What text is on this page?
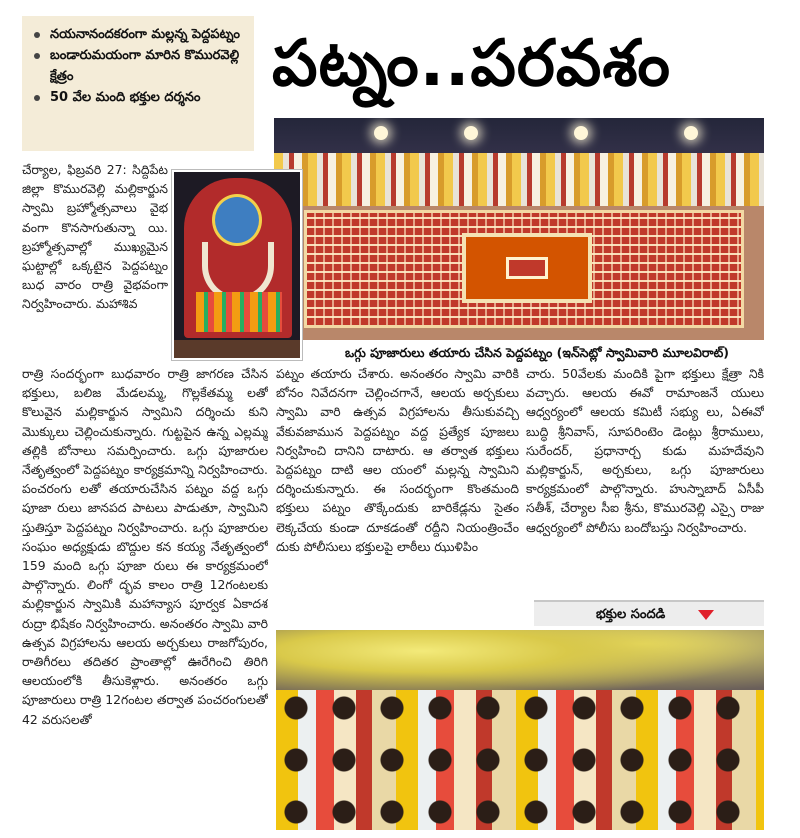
నయనానందకరంగా మల్లన్న పెద్దపట్నం
బండారుమయంగా మారిన కొమురవెల్లి క్షేత్రం
50 వేల మంది భక్తుల దర్శనం	పట్నం..పరవశం
ఒగ్గు పూజారులు తయారు చేసిన పెద్దపట్నం (ఇన్‌సెట్లో స్వామివారి మూలవిరాట్)

చేర్యాల, ఫిబ్రవరి 27: సిద్దిపేట జిల్లా కొమురవెల్లి మల్లికార్జున స్వామి బ్రహ్మోత్సవాలు వైభ వంగా కొనసాగుతున్నా యి. బ్రహ్మోత్సవాల్లో ముఖ్యమైన ఘట్టాల్లో ఒక్కటైన పెద్దపట్నం బుధ వారం రాత్రి వైభవంగా నిర్వహించారు. మహాశివ

రాత్రి సందర్భంగా బుధవారం రాత్రి జాగరణ చేసిన భక్తులు, బలిజ మేడలమ్మ, గొల్లకేతమ్మ లతో కొలువైన మల్లికార్జున స్వామిని దర్శించు కుని మొక్కులు చెల్లించుకున్నారు. గుట్టపైన ఉన్న ఎల్లమ్మ తల్లికి బోనాలు సమర్పించారు. ఒగ్గు పూజారుల నేతృత్వంలో పెద్దపట్నం కార్యక్రమాన్ని నిర్వహించారు. పంచరంగు లతో తయారుచేసిన పట్నం వద్ద ఒగ్గు పూజా రులు జానపద పాటలు పాడుతూ, స్వామిని స్తుతిస్తూ పెద్దపట్నం నిర్వహించారు. ఒగ్గు పూజారుల సంఘం అధ్యక్షుడు బొద్దుల కన కయ్య నేతృత్వంలో 159 మంది ఒగ్గు పూజా రులు ఈ కార్యక్రమంలో పాల్గొన్నారు. లింగో ద్భవ కాలం రాత్రి 12గంటలకు మల్లికార్జున స్వామికి మహాన్యాస పూర్వక ఏకాదశ రుద్రా భిషేకం నిర్వహించారు. అనంతరం స్వామి వారి ఉత్సవ విగ్రహాలను ఆలయ అర్చకులు రాజగోపురం, రాతిగీరలు తదితర ప్రాంతాల్లో ఊరేగించి తిరిగి ఆలయంలోకి తీసుకెళ్లారు. అనంతరం ఒగ్గు పూజారులు రాత్రి 12గంటల తర్వాత పంచరంగులతో 42 వరుసలతో

పట్నం తయారు చేశారు. అనంతరం స్వామి వారికి బోనం నివేదనగా చెల్లించగానే, ఆలయ అర్చకులు స్వామి వారి ఉత్సవ విగ్రహాలను తీసుకువచ్చి వేకువజామున పెద్దపట్నం వద్ద ప్రత్యేక పూజలు నిర్వహించి దానిని దాటారు. ఆ తర్వాత భక్తులు పెద్దపట్నం దాటి ఆల యంలో మల్లన్న స్వామిని దర్శించుకున్నారు. ఈ సందర్భంగా కొంతమంది భక్తులు పట్నం తొక్కేందుకు బారికేడ్లను సైతం లెక్కచేయ కుండా దూకడంతో రద్దీని నియంత్రించేం దుకు పోలీసులు భక్తులపై లాఠీలు ఝుళిపిం

చారు. 50వేలకు మందికి పైగా భక్తులు క్షేత్రా నికి వచ్చారు. ఆలయ ఈవో రామాంజనే యులు ఆధ్వర్యంలో ఆలయ కమిటీ సభ్యు లు, ఏఈవో బుద్ధి శ్రీనివాస్, సూపరింటెం డెంట్లు శ్రీరాములు, సురేందర్, ప్రధానార్చ కుడు మహదేవుని మల్లికార్జున్, అర్చకులు, ఒగ్గు పూజారులు కార్యక్రమంలో పాల్గొన్నారు. హుస్నాబాద్ ఏసీపీ సతీశ్, చేర్యాల సీఐ శ్రీను, కొమురవెల్లి ఎస్సై రాజు ఆధ్వర్యంలో పోలీసు బందోబస్తు నిర్వహించారు.

భక్తుల సందడి
